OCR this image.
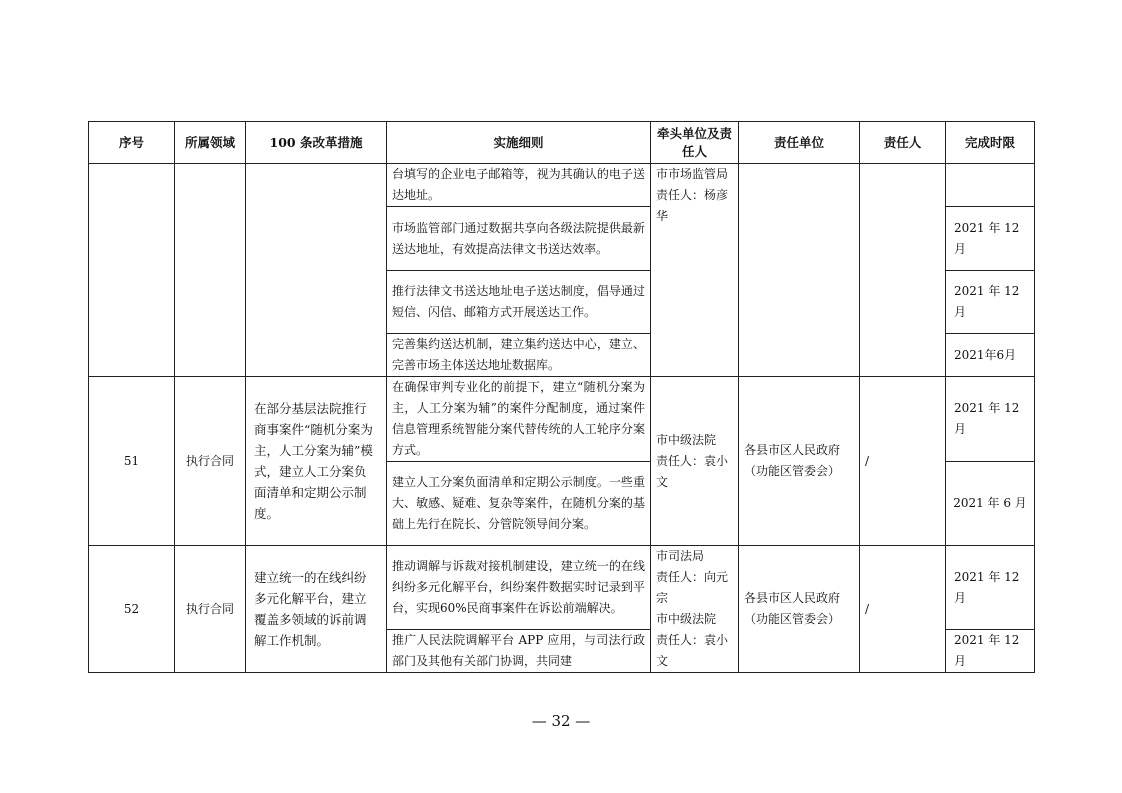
序号	所属领域	100 条改革措施	实施细则	牵头单位及责任人	责任单位	责任人	完成时限
			台填写的企业电子邮箱等，视为其确认的电子送达地址。	市市场监管局
责任人：杨彦华			

			市场监管部门通过数据共享向各级法院提供最新送达地址，有效提高法律文书送达效率。				2021 年 12 月
			推行法律文书送达地址电子送达制度，倡导通过短信、闪信、邮箱方式开展送达工作。				2021 年 12 月
			完善集约送达机制，建立集约送达中心，建立、完善市场主体送达地址数据库。				2021年6月
51	执行合同	在部分基层法院推行商事案件“随机分案为主，人工分案为辅”模式，建立人工分案负面清单和定期公示制度。	在确保审判专业化的前提下，建立“随机分案为主，人工分案为辅”的案件分配制度，通过案件信息管理系统智能分案代替传统的人工轮序分案方式。	市中级法院
责任人：袁小文	各县市区人民政府（功能区管委会）	/	2021 年 12 月
			建立人工分案负面清单和定期公示制度。一些重大、敏感、疑难、复杂等案件，在随机分案的基础上先行在院长、分管院领导间分案。				2021 年 6 月
52	执行合同	建立统一的在线纠纷多元化解平台，建立覆盖多领域的诉前调解工作机制。	推动调解与诉裁对接机制建设，建立统一的在线纠纷多元化解平台，纠纷案件数据实时记录到平台，实现60%民商事案件在诉讼前端解决。	市司法局
责任人：向元宗
市中级法院
责任人：袁小文	各县市区人民政府（功能区管委会）	/	2021 年 12 月
			推广人民法院调解平台 APP 应用，与司法行政部门及其他有关部门协调，共同建				2021 年 12 月
— 32 —
